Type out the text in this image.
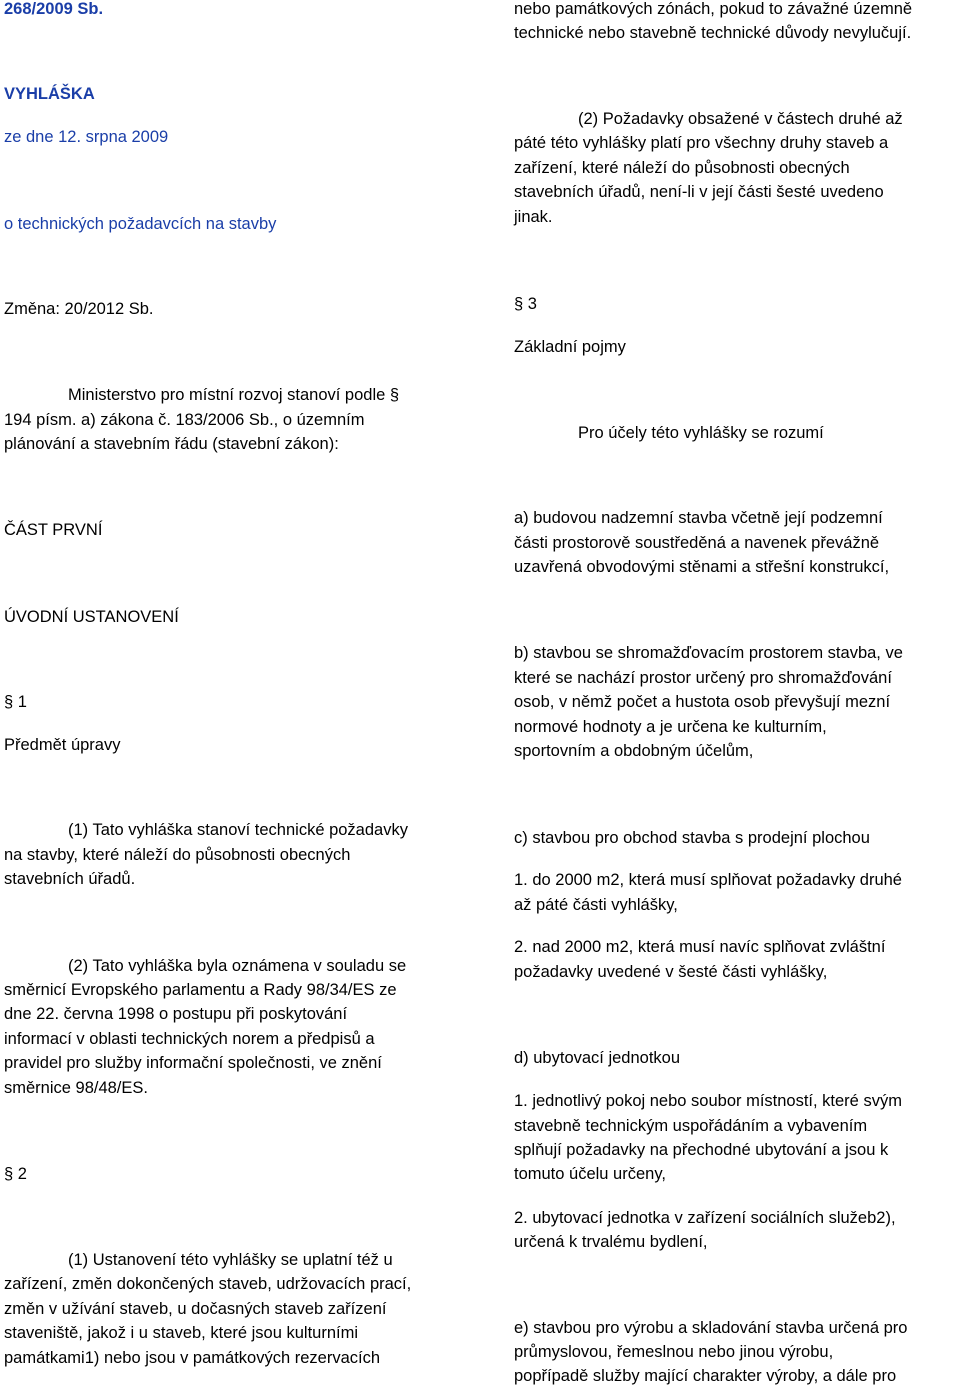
268/2009 Sb.
VYHLÁŠKA
ze dne 12. srpna 2009
o technických požadavcích na stavby
Změna: 20/2012 Sb.
Ministerstvo pro místní rozvoj stanoví podle §
194 písm. a) zákona č. 183/2006 Sb., o územním
plánování a stavebním řádu (stavební zákon):
ČÁST PRVNÍ
ÚVODNÍ USTANOVENÍ
§ 1
Předmět úpravy
(1) Tato vyhláška stanoví technické požadavky
na stavby, které náleží do působnosti obecných
stavebních úřadů.
(2) Tato vyhláška byla oznámena v souladu se
směrnicí Evropského parlamentu a Rady 98/34/ES ze
dne 22. června 1998 o postupu při poskytování
informací v oblasti technických norem a předpisů a
pravidel pro služby informační společnosti, ve znění
směrnice 98/48/ES.
§ 2
(1) Ustanovení této vyhlášky se uplatní též u
zařízení, změn dokončených staveb, udržovacích prací,
změn v užívání staveb, u dočasných staveb zařízení
staveniště, jakož i u staveb, které jsou kulturními
památkami1) nebo jsou v památkových rezervacích
nebo památkových zónách, pokud to závažné územně
technické nebo stavebně technické důvody nevylučují.
(2) Požadavky obsažené v částech druhé až
páté této vyhlášky platí pro všechny druhy staveb a
zařízení, které náleží do působnosti obecných
stavebních úřadů, není-li v její části šesté uvedeno
jinak.
§ 3
Základní pojmy
Pro účely této vyhlášky se rozumí
a) budovou nadzemní stavba včetně její podzemní
části prostorově soustředěná a navenek převážně
uzavřená obvodovými stěnami a střešní konstrukcí,
b) stavbou se shromažďovacím prostorem stavba, ve
které se nachází prostor určený pro shromažďování
osob, v němž počet a hustota osob převyšují mezní
normové hodnoty a je určena ke kulturním,
sportovním a obdobným účelům,
c) stavbou pro obchod stavba s prodejní plochou
1. do 2000 m2, která musí splňovat požadavky druhé
až páté části vyhlášky,
2. nad 2000 m2, která musí navíc splňovat zvláštní
požadavky uvedené v šesté části vyhlášky,
d) ubytovací jednotkou
1. jednotlivý pokoj nebo soubor místností, které svým
stavebně technickým uspořádáním a vybavením
splňují požadavky na přechodné ubytování a jsou k
tomuto účelu určeny,
2. ubytovací jednotka v zařízení sociálních služeb2),
určená k trvalému bydlení,
e) stavbou pro výrobu a skladování stavba určená pro
průmyslovou, řemeslnou nebo jinou výrobu,
popřípadě služby mající charakter výroby, a dále pro
